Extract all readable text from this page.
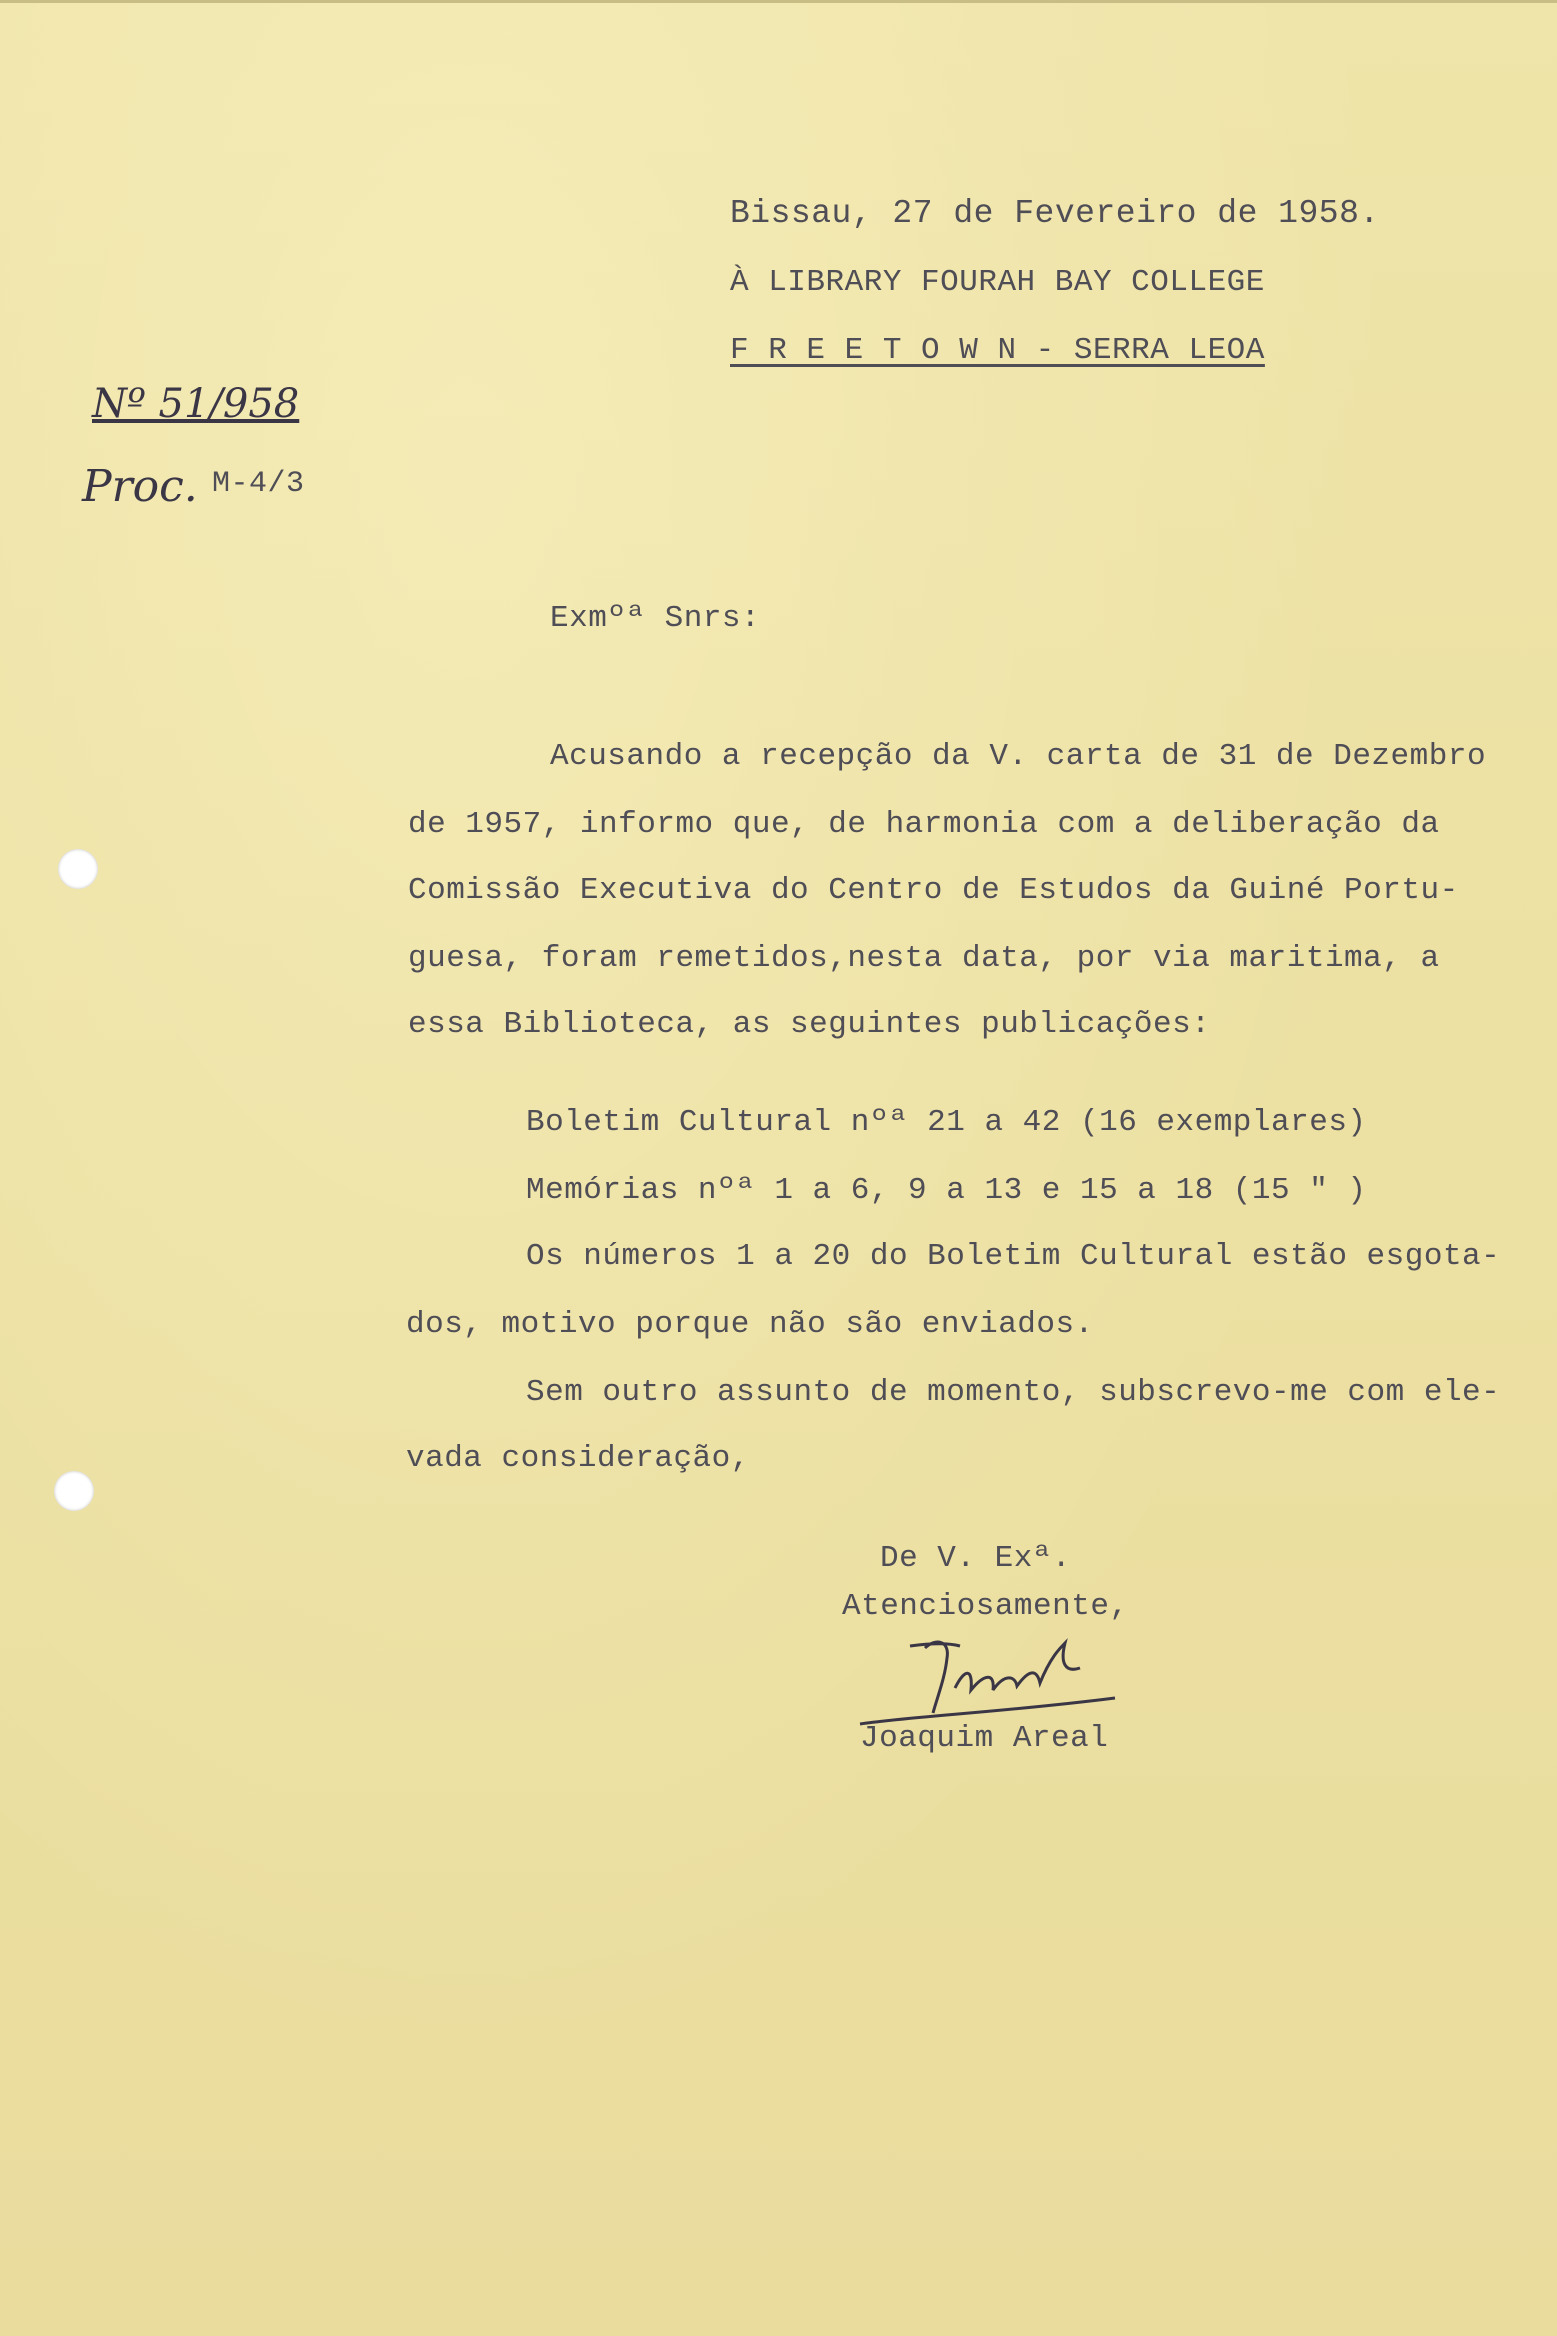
Bissau, 27 de Fevereiro de 1958.
À LIBRARY FOURAH BAY COLLEGE
F R E E T O W N - SERRA LEOA
Nº 51/958
Proc. M-4/3
Exmºª Snrs:
Acusando a recepção da V. carta de 31 de Dezembro
de 1957, informo que, de harmonia com a deliberação da
Comissão Executiva do Centro de Estudos da Guiné Portu-
guesa, foram remetidos,nesta data, por via maritima, a
essa Biblioteca, as seguintes publicações:
Boletim Cultural nºª 21 a 42 (16 exemplares)
Memórias nºª 1 a 6, 9 a 13 e 15 a 18 (15 " )
Os números 1 a 20 do Boletim Cultural estão esgota-
dos, motivo porque não são enviados.
Sem outro assunto de momento, subscrevo-me com ele-
vada consideração,
De V. Exª.
Atenciosamente,
Joaquim Areal
